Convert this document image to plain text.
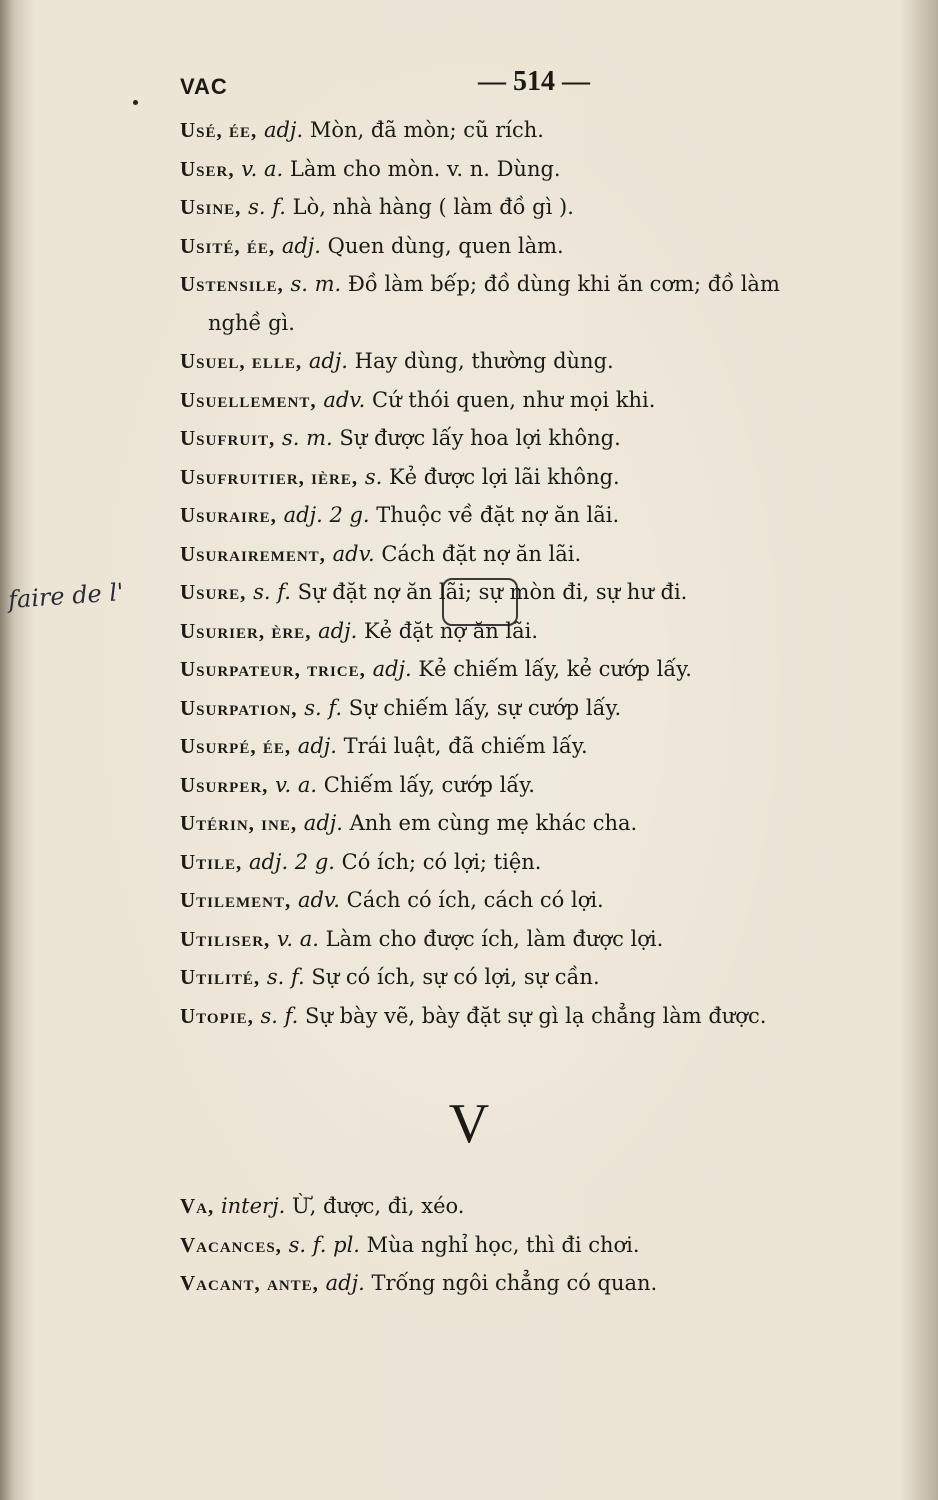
VAC	— 514 —
faire de l'
Usé, ée, adj. Mòn, đã mòn; cũ rích.
User, v. a. Làm cho mòn. v. n. Dùng.
Usine, s. f. Lò, nhà hàng ( làm đồ gì ).
Usité, ée, adj. Quen dùng, quen làm.
Ustensile, s. m. Đồ làm bếp; đồ dùng khi ăn cơm; đồ làm
nghề gì.
Usuel, elle, adj. Hay dùng, thường dùng.
Usuellement, adv. Cứ thói quen, như mọi khi.
Usufruit, s. m. Sự được lấy hoa lợi không.
Usufruitier, ière, s. Kẻ được lợi lãi không.
Usuraire, adj. 2 g. Thuộc về đặt nợ ăn lãi.
Usurairement, adv. Cách đặt nợ ăn lãi.
Usure, s. f. Sự đặt nợ ăn lãi; sự mòn đi, sự hư đi.
Usurier, ère, adj. Kẻ đặt nợ ăn lãi.
Usurpateur, trice, adj. Kẻ chiếm lấy, kẻ cướp lấy.
Usurpation, s. f. Sự chiếm lấy, sự cướp lấy.
Usurpé, ée, adj. Trái luật, đã chiếm lấy.
Usurper, v. a. Chiếm lấy, cướp lấy.
Utérin, ine, adj. Anh em cùng mẹ khác cha.
Utile, adj. 2 g. Có ích; có lợi; tiện.
Utilement, adv. Cách có ích, cách có lợi.
Utiliser, v. a. Làm cho được ích, làm được lợi.
Utilité, s. f. Sự có ích, sự có lợi, sự cần.
Utopie, s. f. Sự bày vẽ, bày đặt sự gì lạ chẳng làm được.
V
Va, interj. Ừ, được, đi, xéo.
Vacances, s. f. pl. Mùa nghỉ học, thì đi chơi.
Vacant, ante, adj. Trống ngôi chẳng có quan.
